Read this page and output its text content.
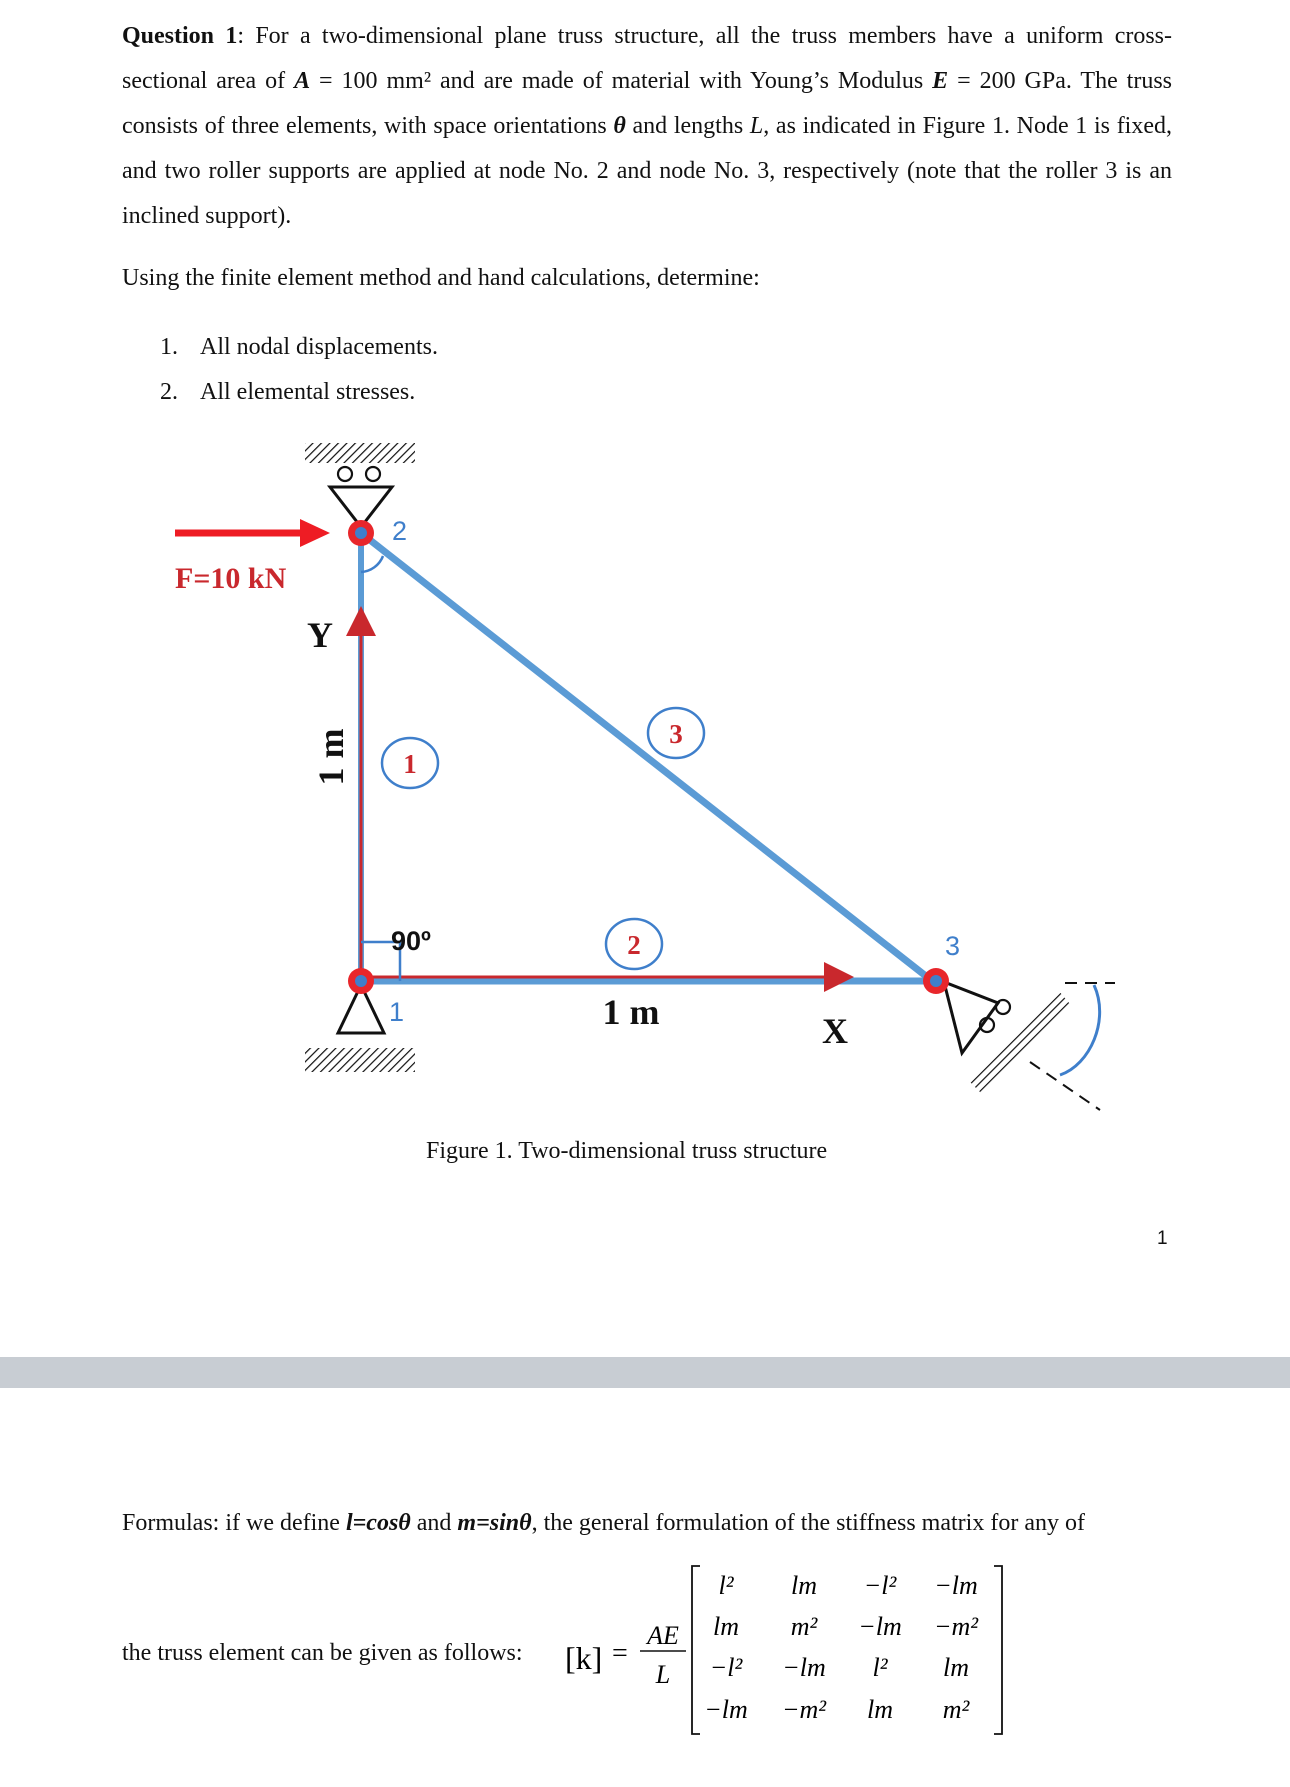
Question 1: For a two-dimensional plane truss structure, all the truss members have a uniform cross-sectional area of A = 100 mm² and are made of material with Young’s Modulus E = 200 GPa. The truss consists of three elements, with space orientations θ and lengths L, as indicated in Figure 1. Node 1 is fixed, and two roller supports are applied at node No. 2 and node No. 3, respectively (note that the roller 3 is an inclined support).
Using the finite element method and hand calculations, determine:
1. All nodal displacements.
2. All elemental stresses.
1
2
3
2
1
3
F=10 kN
Y
X
1 m
1 m
90º
Figure 1. Two-dimensional truss structure
1
Formulas: if we define l=cosθ and m=sinθ, the general formulation of the stiffness matrix for any of
the truss element can be given as follows: [k] =
AE
L
l² lm −l² −lm
lm m² −lm −m²
−l² −lm l² lm
−lm −m² lm m²
